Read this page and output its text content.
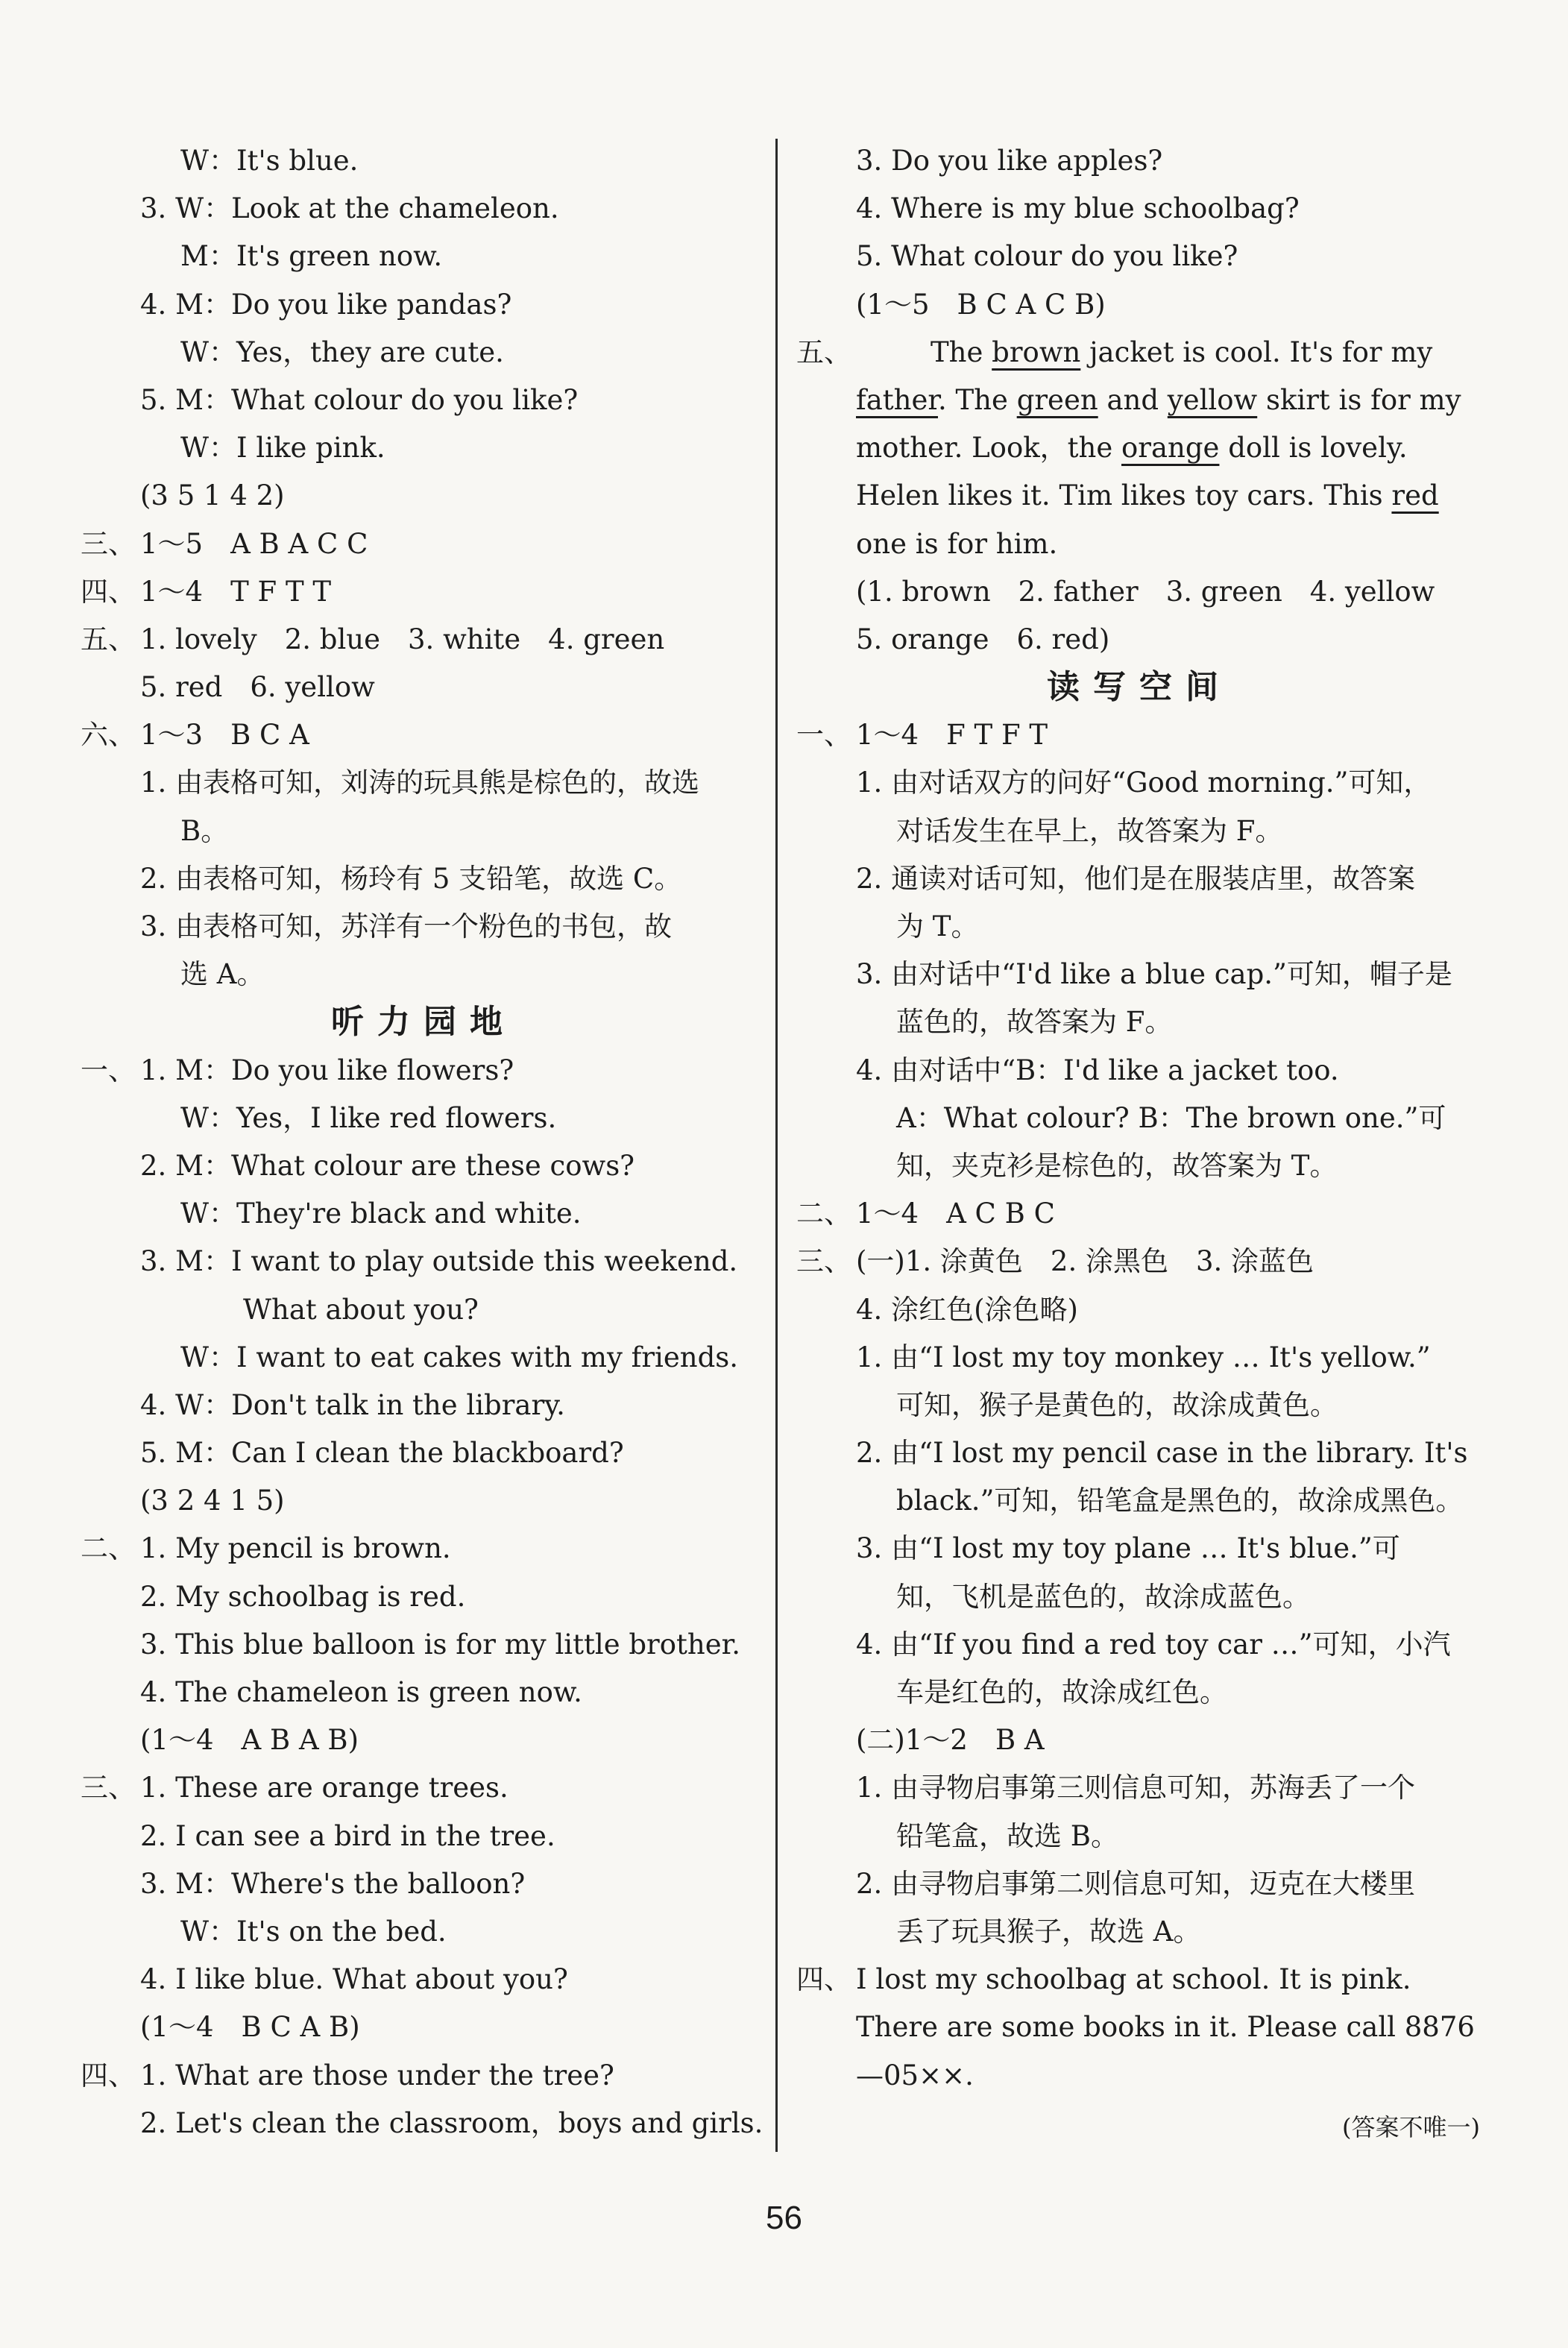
W：It's blue.
3. W：Look at the chameleon.
M：It's green now.
4. M：Do you like pandas?
W：Yes，they are cute.
5. M：What colour do you like?
W：I like pink.
(3 5 1 4 2)
三、 1～5　A B A C C
四、 1～4　T F T T
五、 1. lovely　2. blue　3. white　4. green
5. red　6. yellow
六、 1～3　B C A
1. 由表格可知，刘涛的玩具熊是棕色的，故选
B。
2. 由表格可知，杨玲有 5 支铅笔，故选 C。
3. 由表格可知，苏洋有一个粉色的书包，故
选 A。
听力园地
一、 1. M：Do you like flowers?
W：Yes，I like red flowers.
2. M：What colour are these cows?
W：They're black and white.
3. M：I want to play outside this weekend.
What about you?
W：I want to eat cakes with my friends.
4. W：Don't talk in the library.
5. M：Can I clean the blackboard?
(3 2 4 1 5)
二、 1. My pencil is brown.
2. My schoolbag is red.
3. This blue balloon is for my little brother.
4. The chameleon is green now.
(1～4　A B A B)
三、 1. These are orange trees.
2. I can see a bird in the tree.
3. M：Where's the balloon?
W：It's on the bed.
4. I like blue. What about you?
(1～4　B C A B)
四、 1. What are those under the tree?
2. Let's clean the classroom，boys and girls.
3. Do you like apples?
4. Where is my blue schoolbag?
5. What colour do you like?
(1～5　B C A C B)
五、	The brown jacket is cool. It's for my
father. The green and yellow skirt is for my
mother. Look，the orange doll is lovely.
Helen likes it. Tim likes toy cars. This red
one is for him.
(1. brown　2. father　3. green　4. yellow
5. orange　6. red)
读写空间
一、 1～4　F T F T
1. 由对话双方的问好“Good morning.”可知，
对话发生在早上，故答案为 F。
2. 通读对话可知，他们是在服装店里，故答案
为 T。
3. 由对话中“I'd like a blue cap.”可知，帽子是
蓝色的，故答案为 F。
4. 由对话中“B：I'd like a jacket too.
A：What colour? B：The brown one.”可
知，夹克衫是棕色的，故答案为 T。
二、 1～4　A C B C
三、 (一)1. 涂黄色　2. 涂黑色　3. 涂蓝色
4. 涂红色(涂色略)
1. 由“I lost my toy monkey … It's yellow.”
可知，猴子是黄色的，故涂成黄色。
2. 由“I lost my pencil case in the library. It's
black.”可知，铅笔盒是黑色的，故涂成黑色。
3. 由“I lost my toy plane … It's blue.”可
知，飞机是蓝色的，故涂成蓝色。
4. 由“If you find a red toy car …”可知，小汽
车是红色的，故涂成红色。
(二)1～2　B A
1. 由寻物启事第三则信息可知，苏海丢了一个
铅笔盒，故选 B。
2. 由寻物启事第二则信息可知，迈克在大楼里
丢了玩具猴子，故选 A。
四、 I lost my schoolbag at school. It is pink.
There are some books in it. Please call 8876
—05××.
(答案不唯一)
56
